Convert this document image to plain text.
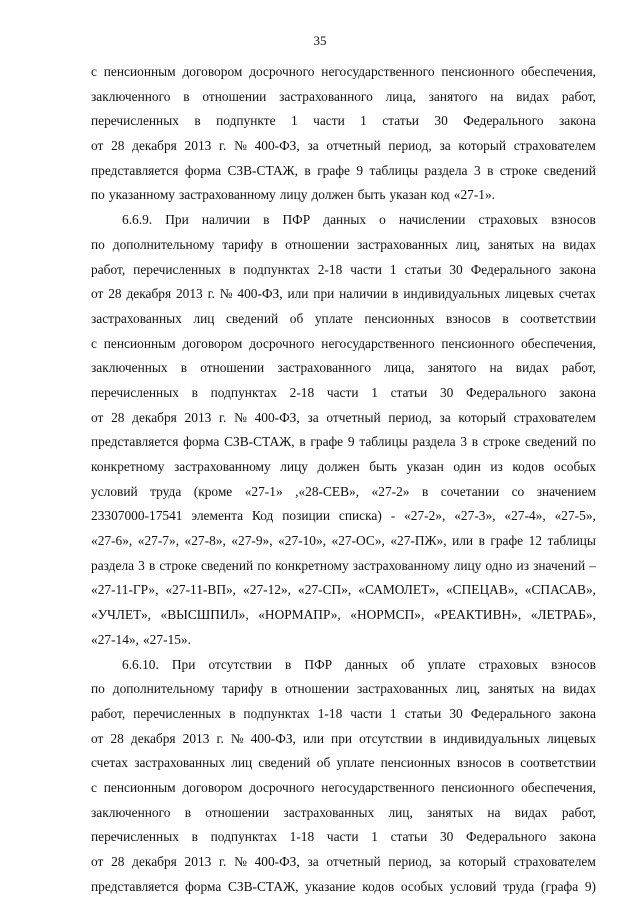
35
с пенсионным договором досрочного негосударственного пенсионного обеспечения,
заключенного в отношении застрахованного лица, занятого на видах работ,
перечисленных в подпункте 1 части 1 статьи 30 Федерального закона
от 28 декабря 2013 г. № 400-ФЗ, за отчетный период, за который страхователем
представляется форма СЗВ-СТАЖ, в графе 9 таблицы раздела 3 в строке сведений
по указанному застрахованному лицу должен быть указан код «27-1».
6.6.9. При наличии в ПФР данных о начислении страховых взносов
по дополнительному тарифу в отношении застрахованных лиц, занятых на видах
работ, перечисленных в подпунктах 2-18 части 1 статьи 30 Федерального закона
от 28 декабря 2013 г. № 400-ФЗ, или при наличии в индивидуальных лицевых счетах
застрахованных лиц сведений об уплате пенсионных взносов в соответствии
с пенсионным договором досрочного негосударственного пенсионного обеспечения,
заключенных в отношении застрахованного лица, занятого на видах работ,
перечисленных в подпунктах 2-18 части 1 статьи 30 Федерального закона
от 28 декабря 2013 г. № 400-ФЗ, за отчетный период, за который страхователем
представляется форма СЗВ-СТАЖ, в графе 9 таблицы раздела 3 в строке сведений по
конкретному застрахованному лицу должен быть указан один из кодов особых
условий труда (кроме «27-1» ,«28-СЕВ», «27-2» в сочетании со значением
23307000-17541 элемента Код позиции списка) - «27-2», «27-3», «27-4», «27-5»,
«27-6», «27-7», «27-8», «27-9», «27-10», «27-ОС», «27-ПЖ», или в графе 12 таблицы
раздела 3 в строке сведений по конкретному застрахованному лицу одно из значений –
«27-11-ГР», «27-11-ВП», «27-12», «27-СП», «САМОЛЕТ», «СПЕЦАВ», «СПАСАВ»,
«УЧЛЕТ», «ВЫСШПИЛ», «НОРМАПР», «НОРМСП», «РЕАКТИВН», «ЛЕТРАБ»,
«27-14», «27-15».
6.6.10. При отсутствии в ПФР данных об уплате страховых взносов
по дополнительному тарифу в отношении застрахованных лиц, занятых на видах
работ, перечисленных в подпунктах 1-18 части 1 статьи 30 Федерального закона
от 28 декабря 2013 г. № 400-ФЗ, или при отсутствии в индивидуальных лицевых
счетах застрахованных лиц сведений об уплате пенсионных взносов в соответствии
с пенсионным договором досрочного негосударственного пенсионного обеспечения,
заключенного в отношении застрахованных лиц, занятых на видах работ,
перечисленных в подпунктах 1-18 части 1 статьи 30 Федерального закона
от 28 декабря 2013 г. № 400-ФЗ, за отчетный период, за который страхователем
представляется форма СЗВ-СТАЖ, указание кодов особых условий труда (графа 9)
